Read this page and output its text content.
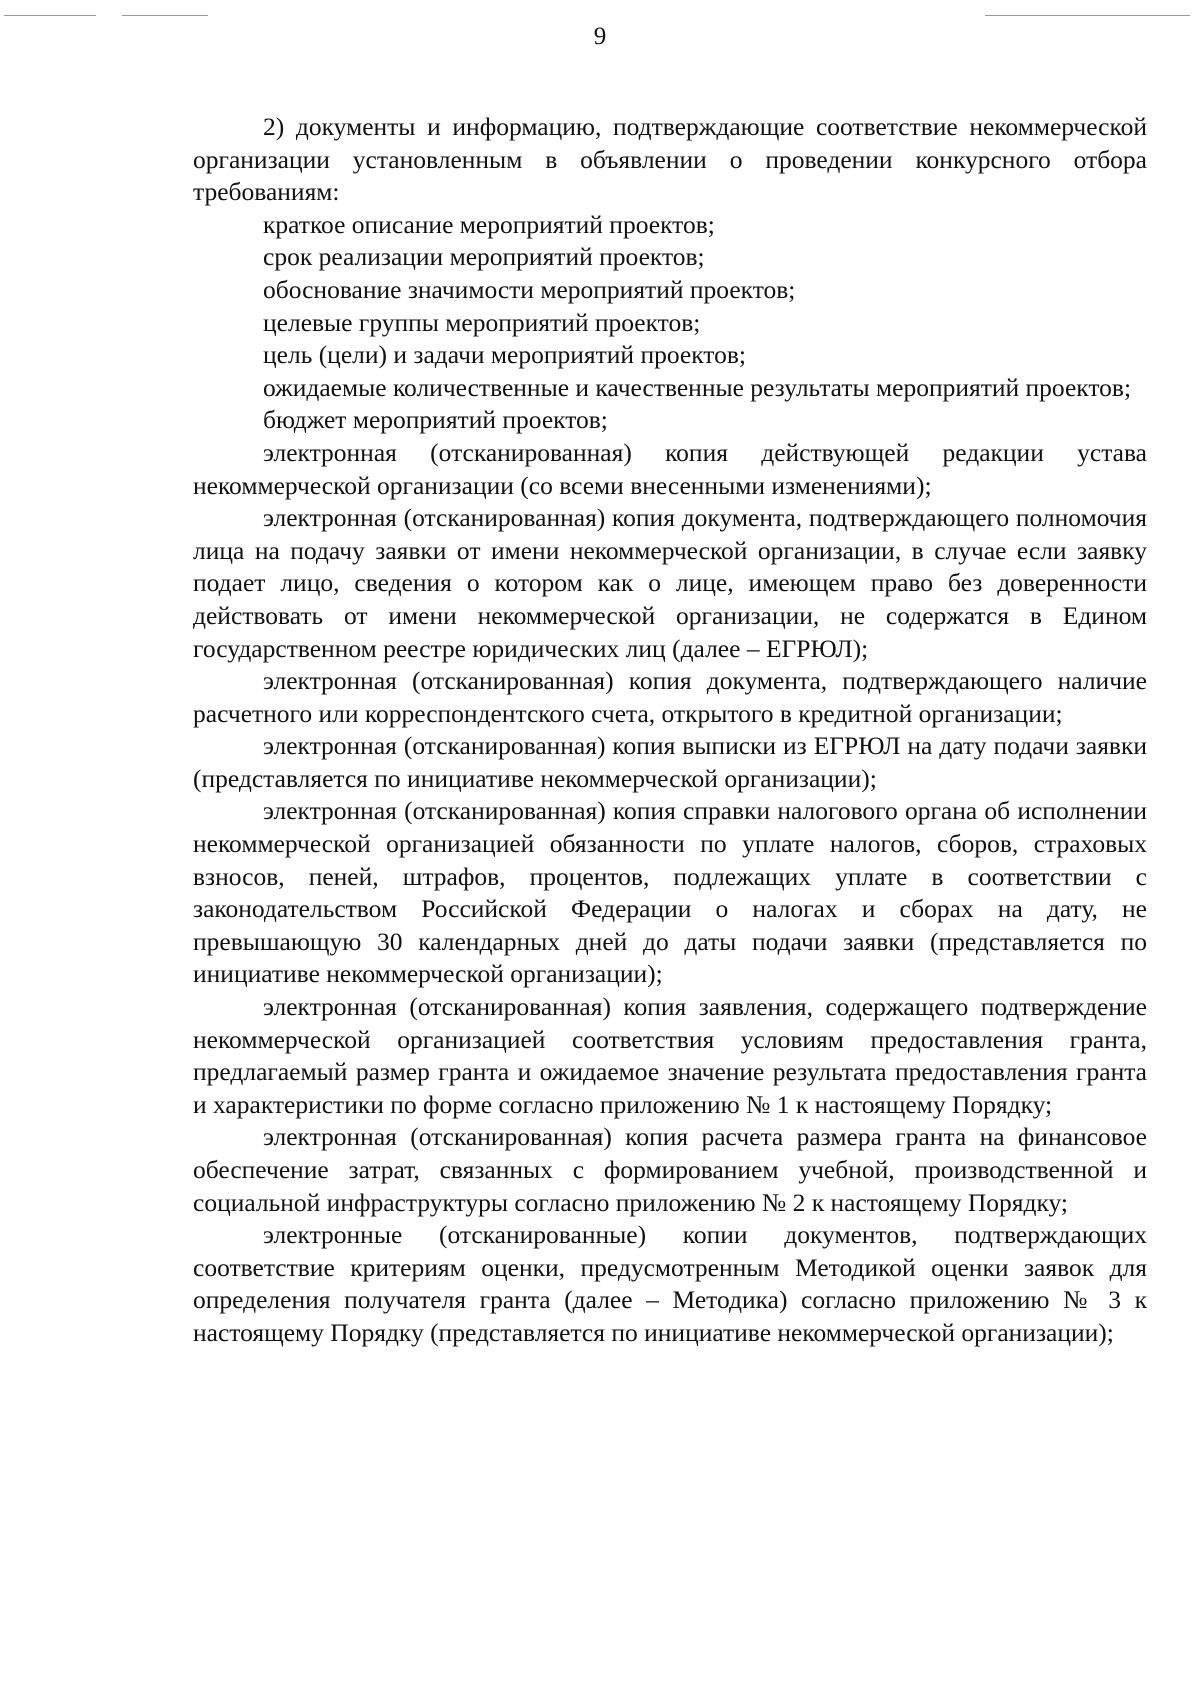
9

2) документы и информацию, подтверждающие соответствие некоммерческой организации установленным в объявлении о проведении конкурсного отбора требованиям:

краткое описание мероприятий проектов;

срок реализации мероприятий проектов;

обоснование значимости мероприятий проектов;

целевые группы мероприятий проектов;

цель (цели) и задачи мероприятий проектов;

ожидаемые количественные и качественные результаты мероприятий проектов;

бюджет мероприятий проектов;

электронная (отсканированная) копия действующей редакции устава некоммерческой организации (со всеми внесенными изменениями);

электронная (отсканированная) копия документа, подтверждающего полномочия лица на подачу заявки от имени некоммерческой организации, в случае если заявку подает лицо, сведения о котором как о лице, имеющем право без доверенности действовать от имени некоммерческой организации, не содержатся в Едином государственном реестре юридических лиц (далее – ЕГРЮЛ);

электронная (отсканированная) копия документа, подтверждающего наличие расчетного или корреспондентского счета, открытого в кредитной организации;

электронная (отсканированная) копия выписки из ЕГРЮЛ на дату подачи заявки (представляется по инициативе некоммерческой организации);

электронная (отсканированная) копия справки налогового органа об исполнении некоммерческой организацией обязанности по уплате налогов, сборов, страховых взносов, пеней, штрафов, процентов, подлежащих уплате в соответствии с законодательством Российской Федерации о налогах и сборах на дату, не превышающую 30 календарных дней до даты подачи заявки (представляется по инициативе некоммерческой организации);

электронная (отсканированная) копия заявления, содержащего подтверждение некоммерческой организацией соответствия условиям предоставления гранта, предлагаемый размер гранта и ожидаемое значение результата предоставления гранта и характеристики по форме согласно приложению № 1 к настоящему Порядку;

электронная (отсканированная) копия расчета размера гранта на финансовое обеспечение затрат, связанных с формированием учебной, производственной и социальной инфраструктуры согласно приложению № 2 к настоящему Порядку;

электронные (отсканированные) копии документов, подтверждающих соответствие критериям оценки, предусмотренным Методикой оценки заявок для определения получателя гранта (далее – Методика) согласно приложению № 3 к настоящему Порядку (представляется по инициативе некоммерческой организации);
